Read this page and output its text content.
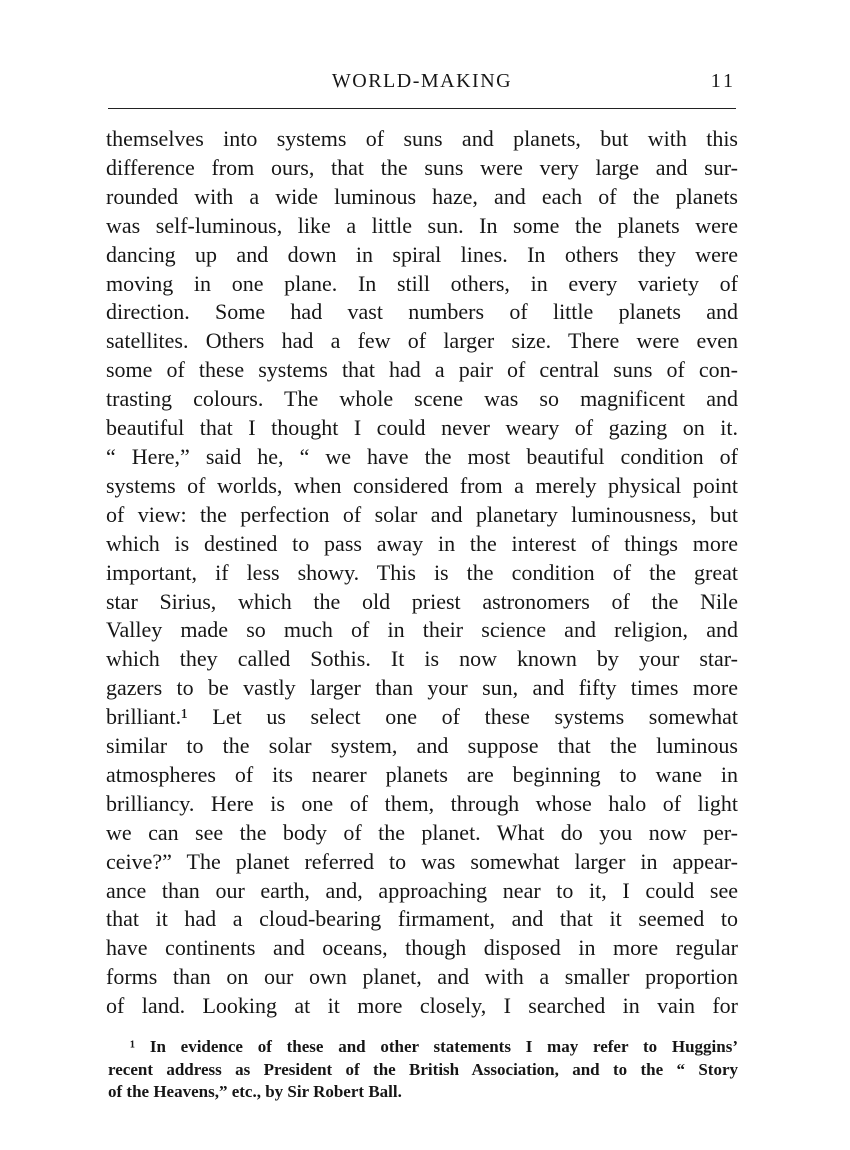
WORLD-MAKING	11
themselves into systems of suns and planets, but with this
difference from ours, that the suns were very large and sur-
rounded with a wide luminous haze, and each of the planets
was self-luminous, like a little sun. In some the planets were
dancing up and down in spiral lines. In others they were
moving in one plane. In still others, in every variety of
direction. Some had vast numbers of little planets and
satellites. Others had a few of larger size. There were even
some of these systems that had a pair of central suns of con-
trasting colours. The whole scene was so magnificent and
beautiful that I thought I could never weary of gazing on it.
“ Here,” said he, “ we have the most beautiful condition of
systems of worlds, when considered from a merely physical point
of view: the perfection of solar and planetary luminousness, but
which is destined to pass away in the interest of things more
important, if less showy. This is the condition of the great
star Sirius, which the old priest astronomers of the Nile
Valley made so much of in their science and religion, and
which they called Sothis. It is now known by your star-
gazers to be vastly larger than your sun, and fifty times more
brilliant.¹ Let us select one of these systems somewhat
similar to the solar system, and suppose that the luminous
atmospheres of its nearer planets are beginning to wane in
brilliancy. Here is one of them, through whose halo of light
we can see the body of the planet. What do you now per-
ceive?” The planet referred to was somewhat larger in appear-
ance than our earth, and, approaching near to it, I could see
that it had a cloud-bearing firmament, and that it seemed to
have continents and oceans, though disposed in more regular
forms than on our own planet, and with a smaller proportion
of land. Looking at it more closely, I searched in vain for
¹ In evidence of these and other statements I may refer to Huggins’
recent address as President of the British Association, and to the “ Story
of the Heavens,” etc., by Sir Robert Ball.
